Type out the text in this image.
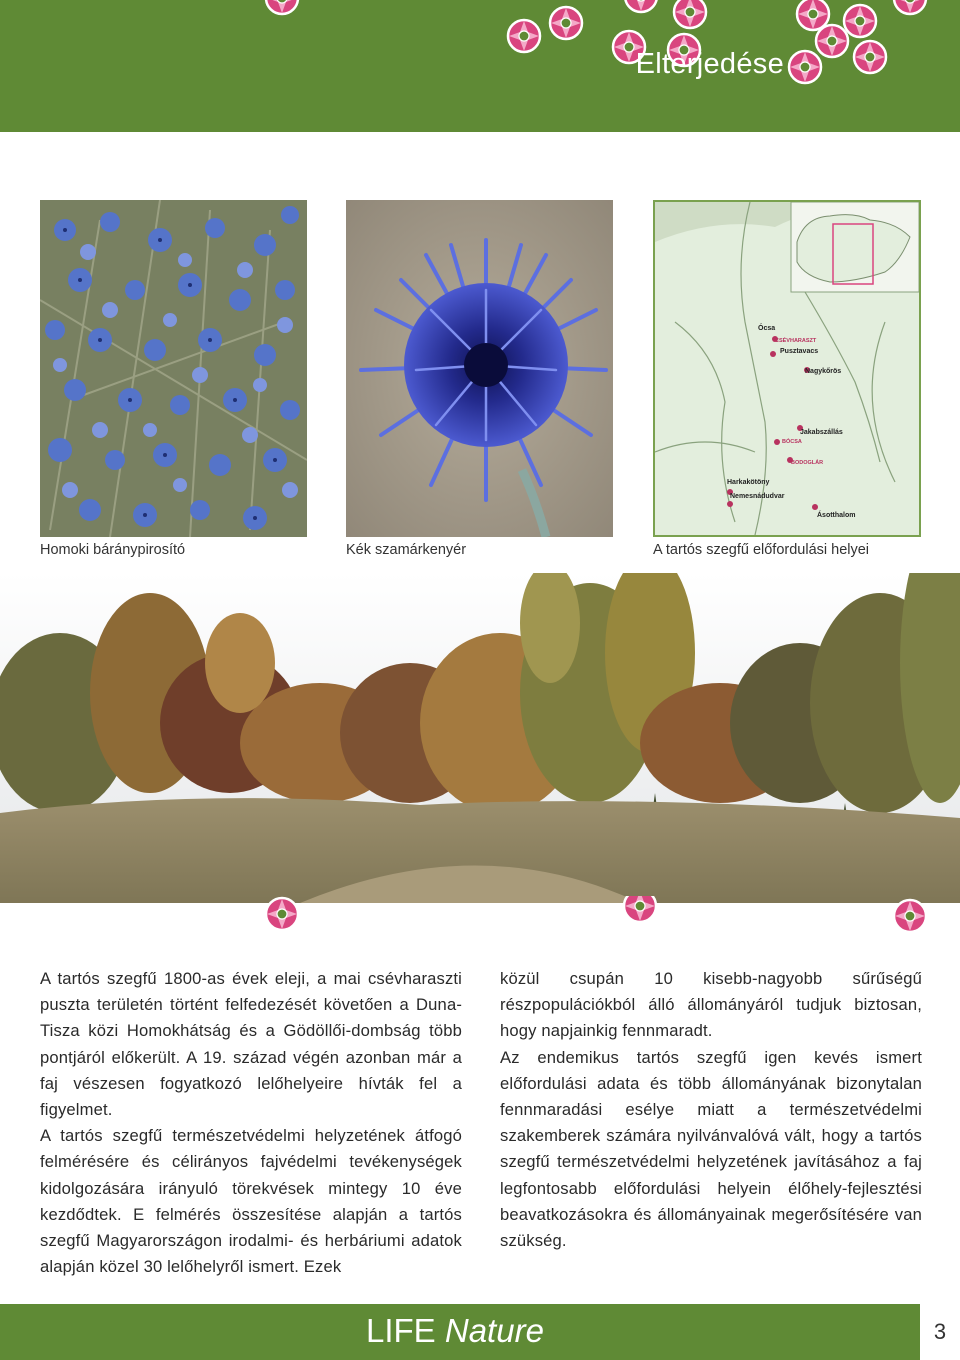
Elterjedése
Ócsa
CSÉVHARASZT
Pusztavacs
Nagykőrös
Jakabszállás
BÓCSA
BODOGLÁR
Harkakötöny
Nemesnádudvar
Ásotthalom
Homoki báránypirosító	Kék szamárkenyér	A tartós szegfű előfordulási helyei

A tartós szegfű 1800-as évek eleji, a mai csévharaszti puszta területén történt felfedezését követően a Duna-Tisza közi Homokhátság és a Gödöllői-dombság több pontjáról előkerült. A 19. század végén azonban már a faj vészesen fogyatkozó lelőhelyeire hívták fel a figyelmet.

A tartós szegfű természetvédelmi helyzetének átfogó felmérésére és célirányos fajvédelmi tevékenységek kidolgozására irányuló törekvések mintegy 10 éve kezdődtek. E felmérés összesítése alapján a tartós szegfű Magyarországon irodalmi- és herbáriumi adatok alapján közel 30 lelőhelyről ismert. Ezek

közül csupán 10 kisebb-nagyobb sűrűségű részpopulációkból álló állományáról tudjuk biztosan, hogy napjainkig fennmaradt.

Az endemikus tartós szegfű igen kevés ismert előfordulási adata és több állományának bizonytalan fennmaradási esélye miatt a természetvédelmi szakemberek számára nyilvánvalóvá vált, hogy a tartós szegfű természetvédelmi helyzetének javításához a faj legfontosabb előfordulási helyein élőhely-fejlesztési beavatkozásokra és állományainak megerősítésére van szükség.

LIFE Nature	3
